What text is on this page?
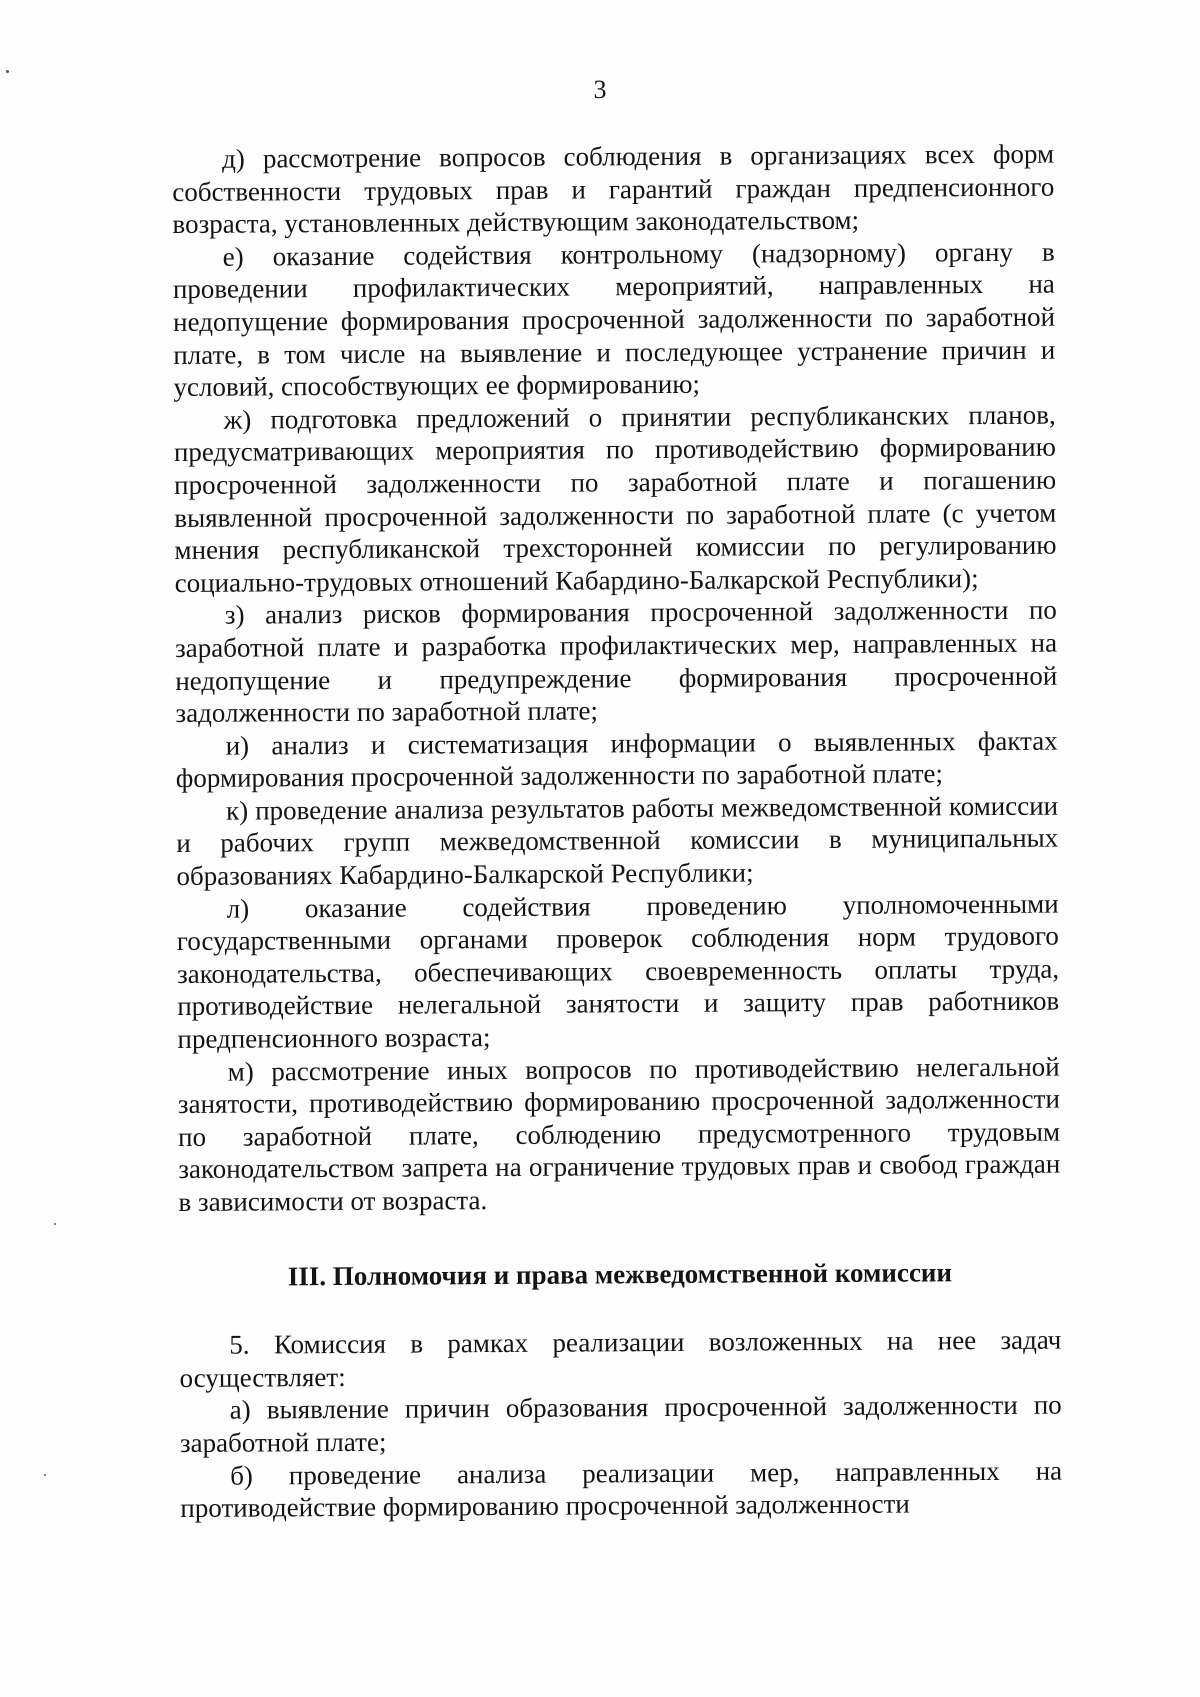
3

д) рассмотрение вопросов соблюдения в организациях всех форм собственности трудовых прав и гарантий граждан предпенсионного возраста, установленных действующим законодательством;

е) оказание содействия контрольному (надзорному) органу в проведении профилактических мероприятий, направленных на недопущение формирования просроченной задолженности по заработной плате, в том числе на выявление и последующее устранение причин и условий, способствующих ее формированию;

ж) подготовка предложений о принятии республиканских планов, предусматривающих мероприятия по противодействию формированию просроченной задолженности по заработной плате и погашению выявленной просроченной задолженности по заработной плате (с учетом мнения республиканской трехсторонней комиссии по регулированию социально-трудовых отношений Кабардино-Балкарской Республики);

з) анализ рисков формирования просроченной задолженности по заработной плате и разработка профилактических мер, направленных на недопущение и предупреждение формирования просроченной задолженности по заработной плате;

и) анализ и систематизация информации о выявленных фактах формирования просроченной задолженности по заработной плате;

к) проведение анализа результатов работы межведомственной комиссии и рабочих групп межведомственной комиссии в муниципальных образованиях Кабардино-Балкарской Республики;

л) оказание содействия проведению уполномоченными государственными органами проверок соблюдения норм трудового законодательства, обеспечивающих своевременность оплаты труда, противодействие нелегальной занятости и защиту прав работников предпенсионного возраста;

м) рассмотрение иных вопросов по противодействию нелегальной занятости, противодействию формированию просроченной задолженности по заработной плате, соблюдению предусмотренного трудовым законодательством запрета на ограничение трудовых прав и свобод граждан в зависимости от возраста.

III. Полномочия и права межведомственной комиссии

5. Комиссия в рамках реализации возложенных на нее задач осуществляет:

а) выявление причин образования просроченной задолженности по заработной плате;

б) проведение анализа реализации мер, направленных на противодействие формированию просроченной задолженности
